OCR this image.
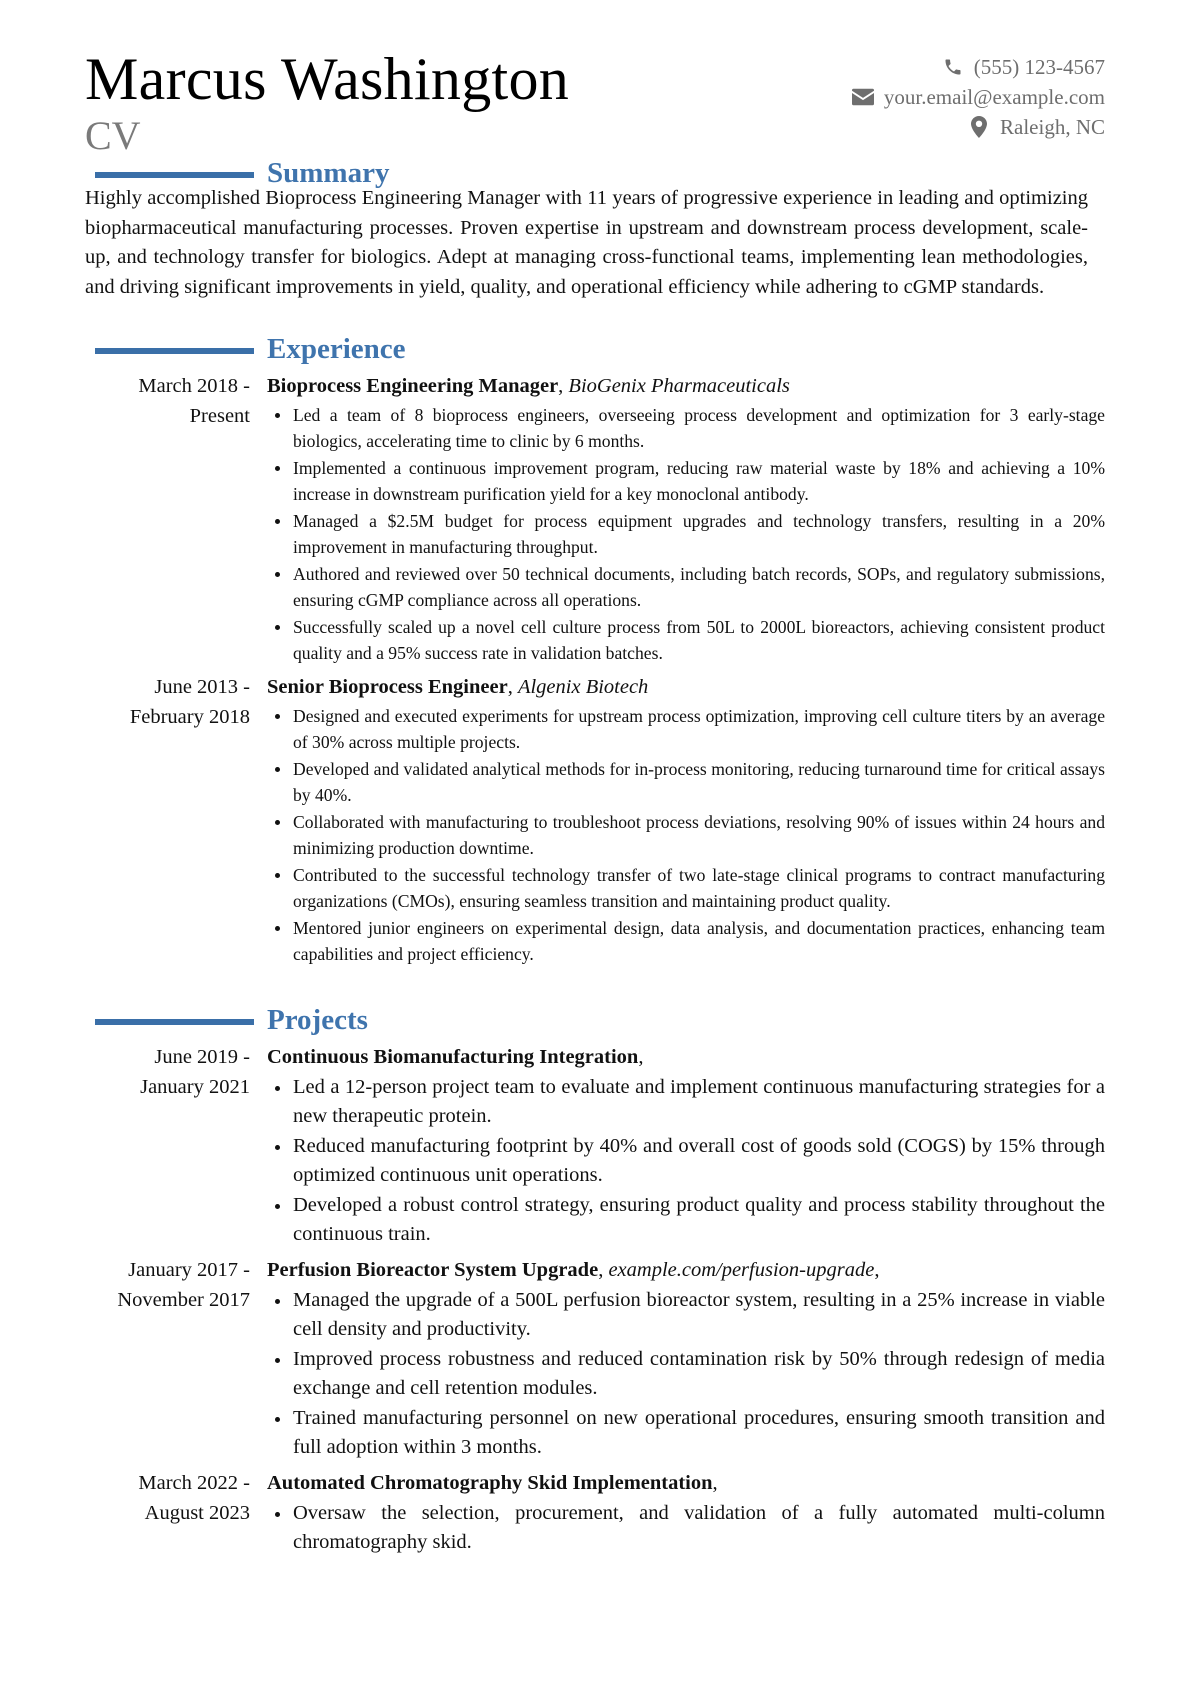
Marcus Washington
CV
(555) 123-4567
your.email@example.com
Raleigh, NC
Summary

Highly accomplished Bioprocess Engineering Manager with 11 years of progressive experience in leading and optimizing biopharmaceutical manufacturing processes. Proven expertise in upstream and downstream process development, scale-up, and technology transfer for biologics. Adept at managing cross-functional teams, implementing lean methodologies, and driving significant improvements in yield, quality, and operational efficiency while adhering to cGMP standards.

Experience
March 2018 -
Present
Bioprocess Engineering Manager, BioGenix Pharmaceuticals
Led a team of 8 bioprocess engineers, overseeing process development and optimization for 3 early-stage biologics, accelerating time to clinic by 6 months.
Implemented a continuous improvement program, reducing raw material waste by 18% and achieving a 10% increase in downstream purification yield for a key monoclonal antibody.
Managed a $2.5M budget for process equipment upgrades and technology transfers, resulting in a 20% improvement in manufacturing throughput.
Authored and reviewed over 50 technical documents, including batch records, SOPs, and regulatory submissions, ensuring cGMP compliance across all operations.
Successfully scaled up a novel cell culture process from 50L to 2000L bioreactors, achieving consistent product quality and a 95% success rate in validation batches.
June 2013 -
February 2018
Senior Bioprocess Engineer, Algenix Biotech
Designed and executed experiments for upstream process optimization, improving cell culture titers by an average of 30% across multiple projects.
Developed and validated analytical methods for in-process monitoring, reducing turnaround time for critical assays by 40%.
Collaborated with manufacturing to troubleshoot process deviations, resolving 90% of issues within 24 hours and minimizing production downtime.
Contributed to the successful technology transfer of two late-stage clinical programs to contract manufacturing organizations (CMOs), ensuring seamless transition and maintaining product quality.
Mentored junior engineers on experimental design, data analysis, and documentation practices, enhancing team capabilities and project efficiency.
Projects
June 2019 -
January 2021
Continuous Biomanufacturing Integration,
Led a 12-person project team to evaluate and implement continuous manufacturing strategies for a new therapeutic protein.
Reduced manufacturing footprint by 40% and overall cost of goods sold (COGS) by 15% through optimized continuous unit operations.
Developed a robust control strategy, ensuring product quality and process stability throughout the continuous train.
January 2017 -
November 2017
Perfusion Bioreactor System Upgrade, example.com/perfusion-upgrade,
Managed the upgrade of a 500L perfusion bioreactor system, resulting in a 25% increase in viable cell density and productivity.
Improved process robustness and reduced contamination risk by 50% through redesign of media exchange and cell retention modules.
Trained manufacturing personnel on new operational procedures, ensuring smooth transition and full adoption within 3 months.
March 2022 -
August 2023
Automated Chromatography Skid Implementation,
Oversaw the selection, procurement, and validation of a fully automated multi-column chromatography skid.
